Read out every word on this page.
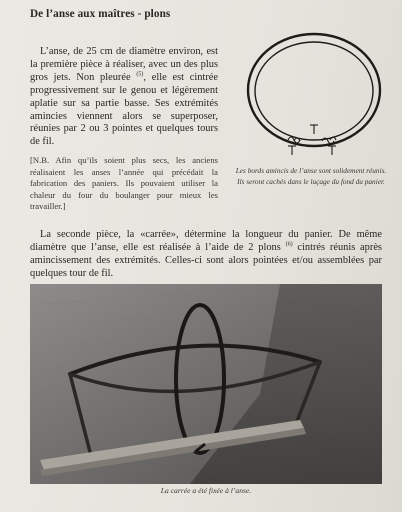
De l’anse aux maîtres - plons

L’anse, de 25 cm de diamètre environ, est la première pièce à réaliser, avec un des plus gros jets. Non pleurée $^{(5)}$, elle est cintrée progressivement sur le genou et légèrement aplatie sur sa partie basse. Ses extrémités amincies viennent alors se superposer, réunies par 2 ou 3 pointes et quelques tours de fil.

[N.B. Afin qu’ils soient plus secs, les anciens réalisaient les anses l’année qui précédait la fabrication des paniers. Ils pouvaient utiliser la chaleur du four du boulanger pour mieux les travailler.]

Les bords amincis de l’anse sont solidement réunis.
Ils seront cachés dans le luçage du fond du panier.

La seconde pièce, la «carrée», détermine la longueur du panier. De même diamètre que l’anse, elle est réalisée à l’aide de 2 plons $^{(6)}$ cintrés réunis après amincissement des extrémités. Celles-ci sont alors pointées et/ou assemblées par quelques tour de fil.

La carrée a été fixée à l’anse.
